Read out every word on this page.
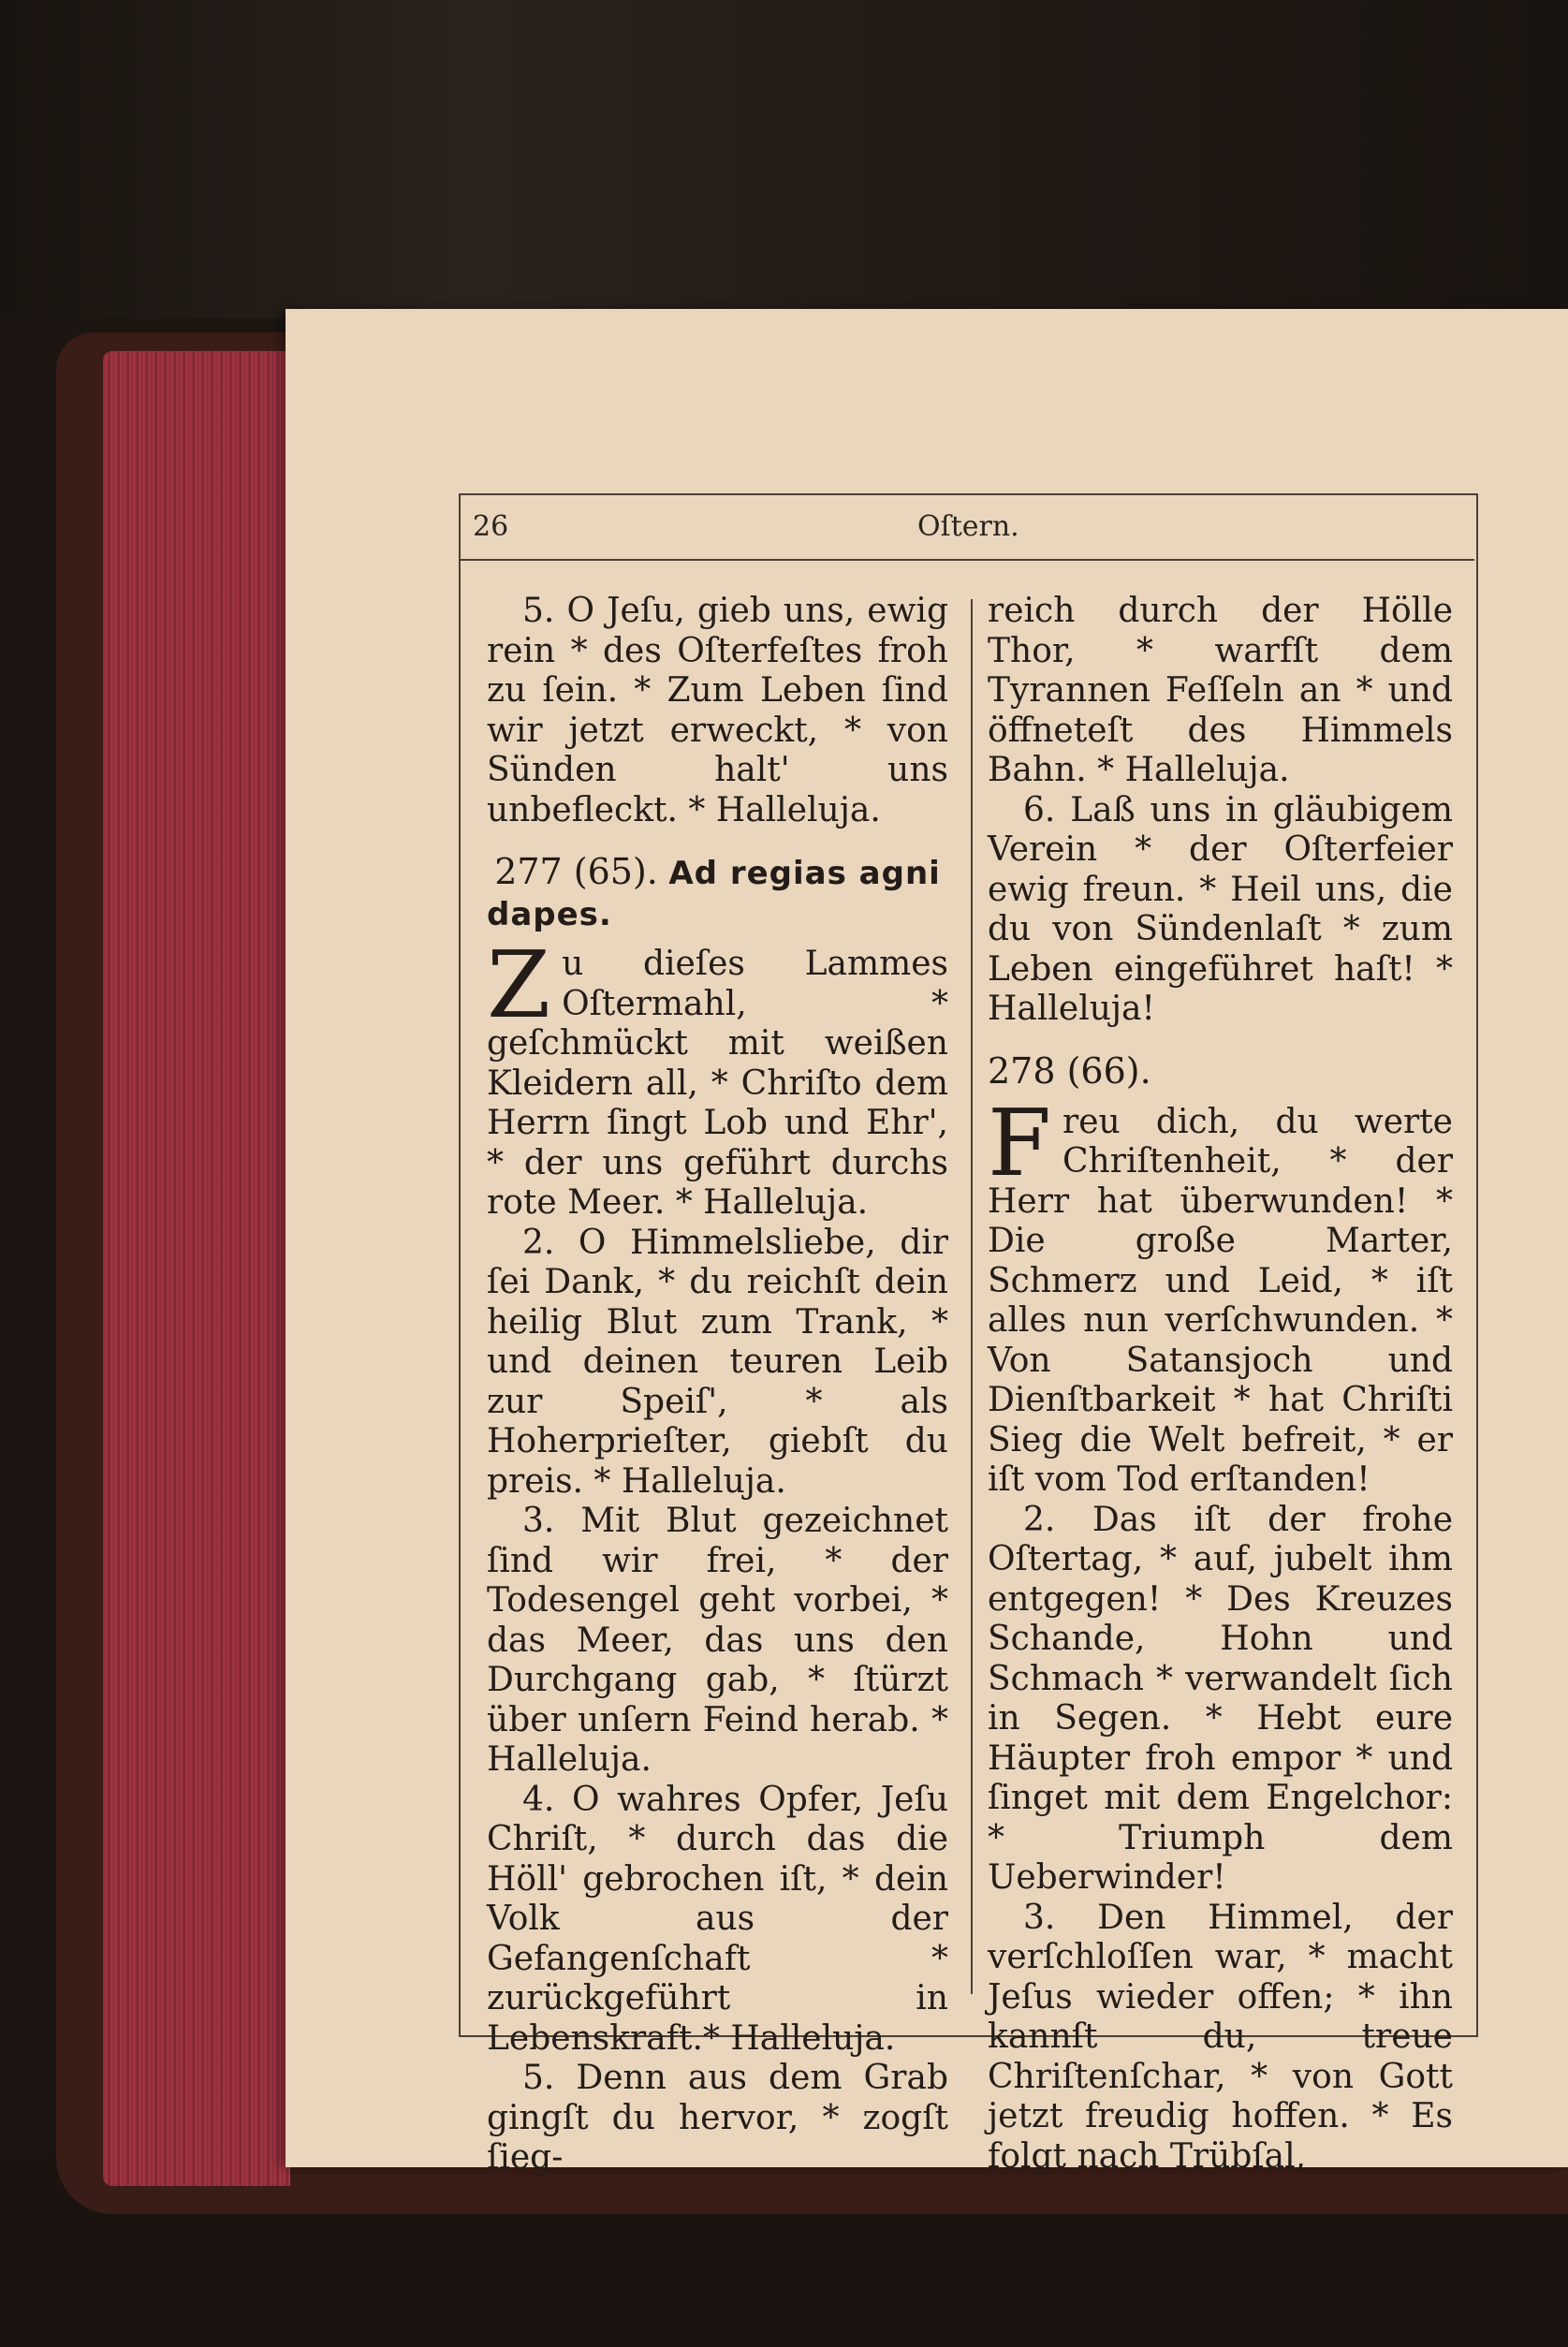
26	Oſtern.

5. O Jeſu, gieb uns, ewig rein * des Oſterfeſtes froh zu ſein. * Zum Leben ſind wir jetzt erweckt, * von Sünden halt' uns unbefleckt. * Halleluja.

277 (65). Ad regias agni dapes.

Zu dieſes Lammes Oſtermahl, * geſchmückt mit weißen Kleidern all, * Chriſto dem Herrn ſingt Lob und Ehr', * der uns geführt durchs rote Meer. * Halleluja.

2. O Himmelsliebe, dir ſei Dank, * du reichſt dein heilig Blut zum Trank, * und deinen teuren Leib zur Speiſ', * als Hoherprieſter, giebſt du preis. * Halleluja.

3. Mit Blut gezeichnet ſind wir frei, * der Todesengel geht vorbei, * das Meer, das uns den Durchgang gab, * ſtürzt über unſern Feind herab. * Halleluja.

4. O wahres Opfer, Jeſu Chriſt, * durch das die Höll' gebrochen iſt, * dein Volk aus der Gefangenſchaft * zurückgeführt in Lebenskraft.* Halleluja.

5. Denn aus dem Grab gingſt du hervor, * zogſt ſieg-

reich durch der Hölle Thor, * warfſt dem Tyrannen Feſſeln an * und öffneteſt des Himmels Bahn. * Halleluja.

6. Laß uns in gläubigem Verein * der Oſterfeier ewig freun. * Heil uns, die du von Sündenlaſt * zum Leben eingeführet haſt! * Halleluja!

278 (66).

Freu dich, du werte Chriſtenheit, * der Herr hat überwunden! * Die große Marter, Schmerz und Leid, * iſt alles nun verſchwunden. * Von Satansjoch und Dienſtbarkeit * hat Chriſti Sieg die Welt befreit, * er iſt vom Tod erſtanden!

2. Das iſt der frohe Oſtertag, * auf, jubelt ihm entgegen! * Des Kreuzes Schande, Hohn und Schmach * verwandelt ſich in Segen. * Hebt eure Häupter froh empor * und ſinget mit dem Engelchor: * Triumph dem Ueberwinder!

3. Den Himmel, der verſchloſſen war, * macht Jeſus wieder offen; * ihn kannſt du, treue Chriſtenſchar, * von Gott jetzt freudig hoffen. * Es folgt nach Trübſal,
